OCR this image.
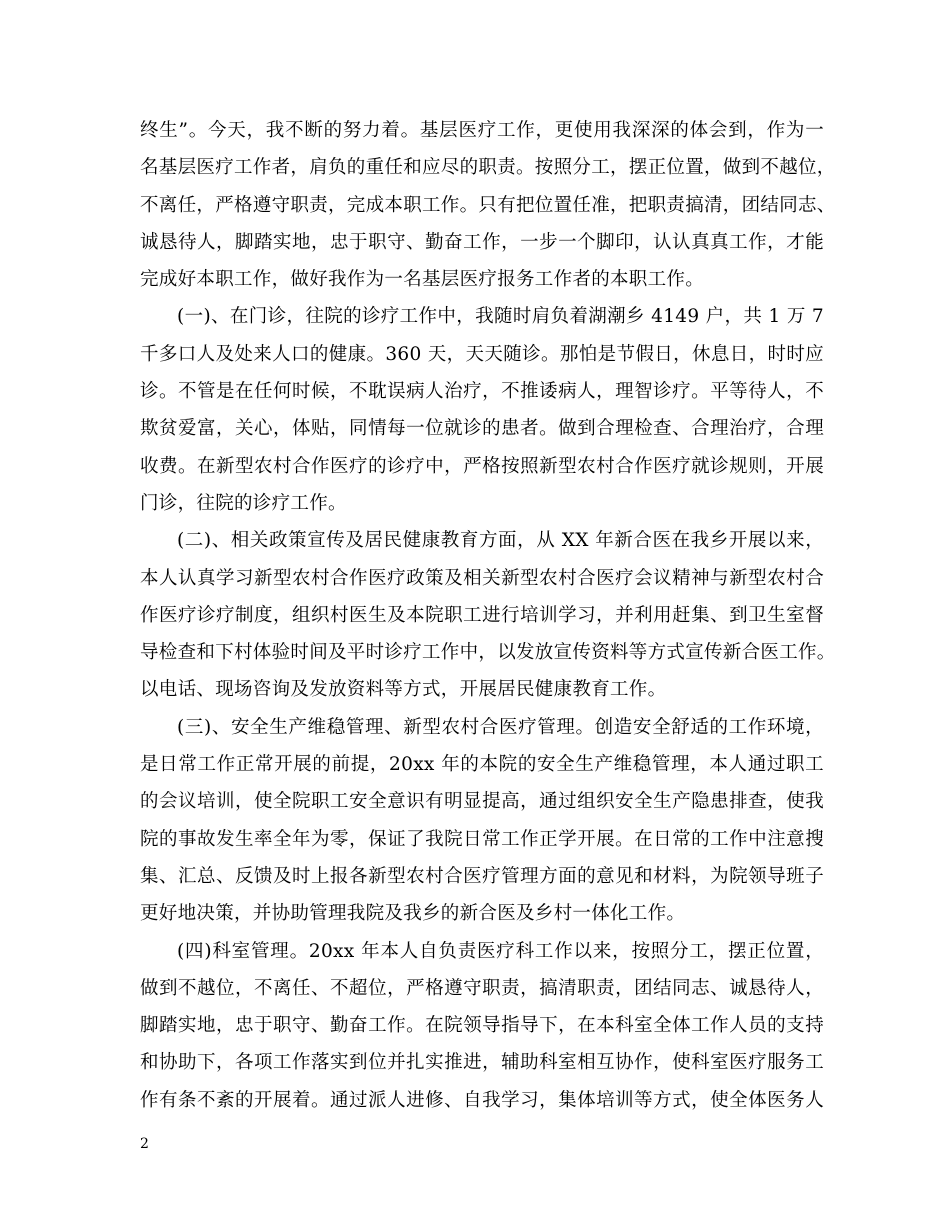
终生”。今天，我不断的努力着。基层医疗工作，更使用我深深的体会到，作为一
名基层医疗工作者，肩负的重任和应尽的职责。按照分工，摆正位置，做到不越位，
不离任，严格遵守职责，完成本职工作。只有把位置任准，把职责搞清，团结同志、
诚恳待人，脚踏实地，忠于职守、勤奋工作，一步一个脚印，认认真真工作，才能
完成好本职工作，做好我作为一名基层医疗报务工作者的本职工作。
(一)、在门诊，往院的诊疗工作中，我随时肩负着湖潮乡 4149 户，共 1 万 7
千多口人及处来人口的健康。360 天，天天随诊。那怕是节假日，休息日，时时应
诊。不管是在任何时候，不耽误病人治疗，不推诿病人，理智诊疗。平等待人，不
欺贫爱富，关心，体贴，同情每一位就诊的患者。做到合理检查、合理治疗，合理
收费。在新型农村合作医疗的诊疗中，严格按照新型农村合作医疗就诊规则，开展
门诊，往院的诊疗工作。
(二)、相关政策宣传及居民健康教育方面，从 XX 年新合医在我乡开展以来，
本人认真学习新型农村合作医疗政策及相关新型农村合医疗会议精神与新型农村合
作医疗诊疗制度，组织村医生及本院职工进行培训学习，并利用赶集、到卫生室督
导检查和下村体验时间及平时诊疗工作中，以发放宣传资料等方式宣传新合医工作。
以电话、现场咨询及发放资料等方式，开展居民健康教育工作。
(三)、安全生产维稳管理、新型农村合医疗管理。创造安全舒适的工作环境，
是日常工作正常开展的前提，20xx 年的本院的安全生产维稳管理，本人通过职工
的会议培训，使全院职工安全意识有明显提高，通过组织安全生产隐患排查，使我
院的事故发生率全年为零，保证了我院日常工作正学开展。在日常的工作中注意搜
集、汇总、反馈及时上报各新型农村合医疗管理方面的意见和材料，为院领导班子
更好地决策，并协助管理我院及我乡的新合医及乡村一体化工作。
(四)科室管理。20xx 年本人自负责医疗科工作以来，按照分工，摆正位置，
做到不越位，不离任、不超位，严格遵守职责，搞清职责，团结同志、诚恳待人，
脚踏实地，忠于职守、勤奋工作。在院领导指导下，在本科室全体工作人员的支持
和协助下，各项工作落实到位并扎实推进，辅助科室相互协作，使科室医疗服务工
作有条不紊的开展着。通过派人进修、自我学习，集体培训等方式，使全体医务人
2
